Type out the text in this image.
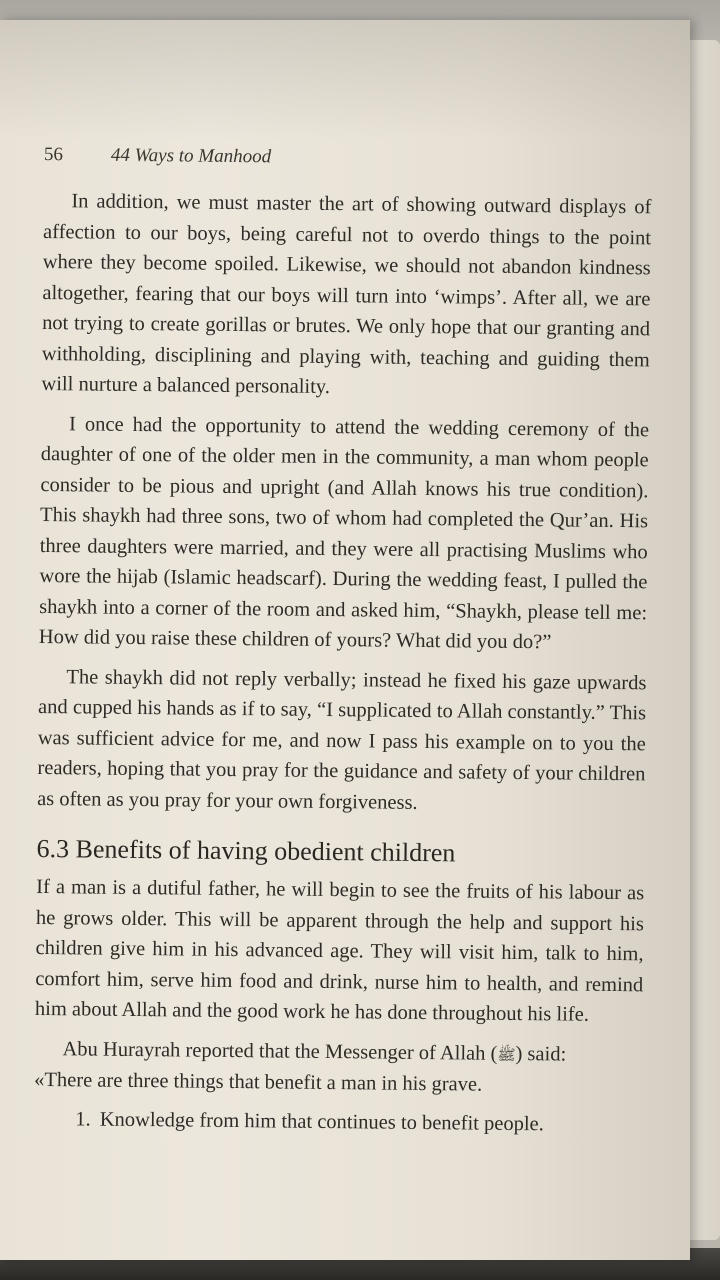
56	44 Ways to Manhood

In addition, we must master the art of showing outward displays of affection to our boys, being careful not to overdo things to the point where they become spoiled. Likewise, we should not abandon kindness altogether, fearing that our boys will turn into ‘wimps’. After all, we are not trying to create gorillas or brutes. We only hope that our granting and withholding, disciplining and playing with, teaching and guiding them will nurture a balanced personality.

I once had the opportunity to attend the wedding ceremony of the daughter of one of the older men in the community, a man whom people consider to be pious and upright (and Allah knows his true condition). This shaykh had three sons, two of whom had completed the Qur’an. His three daughters were married, and they were all practising Muslims who wore the hijab (Islamic headscarf). During the wedding feast, I pulled the shaykh into a corner of the room and asked him, “Shaykh, please tell me: How did you raise these children of yours? What did you do?”

The shaykh did not reply verbally; instead he fixed his gaze upwards and cupped his hands as if to say, “I supplicated to Allah constantly.” This was sufficient advice for me, and now I pass his example on to you the readers, hoping that you pray for the guidance and safety of your children as often as you pray for your own forgiveness.

6.3 Benefits of having obedient children

If a man is a dutiful father, he will begin to see the fruits of his labour as he grows older. This will be apparent through the help and support his children give him in his advanced age. They will visit him, talk to him, comfort him, serve him food and drink, nurse him to health, and remind him about Allah and the good work he has done throughout his life.

Abu Hurayrah reported that the Messenger of Allah (ﷺ) said:

«There are three things that benefit a man in his grave.

1. Knowledge from him that continues to benefit people.
